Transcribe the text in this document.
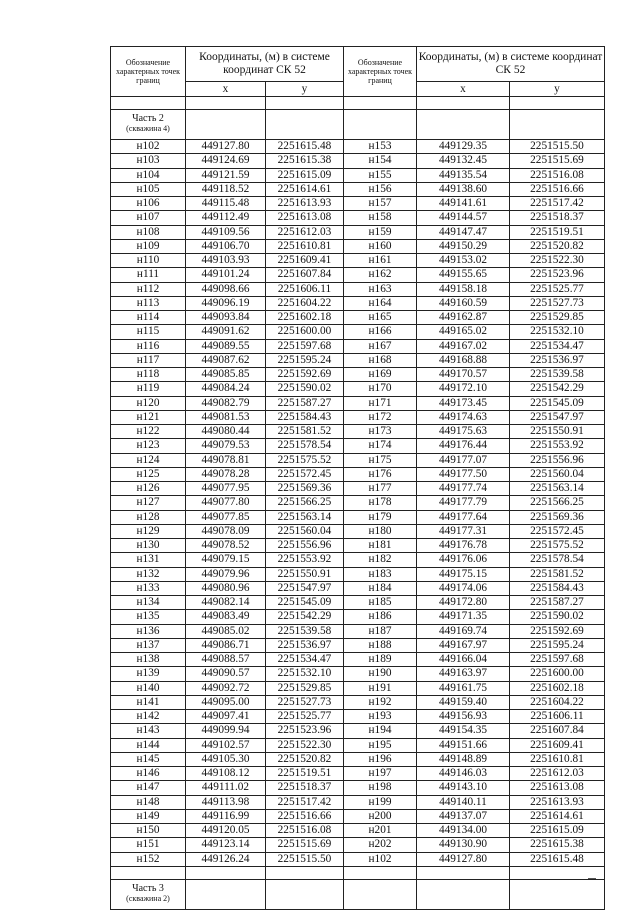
Обозначение характерных точек границ	Координаты, (м) в системе координат СК 52		Обозначение характерных точек границ	Координаты, (м) в системе координат СК 52	
	х	у		х	у

Часть 2
(скважина 4)					

н102	449127.80	2251615.48	н153	449129.35	2251515.50
н103	449124.69	2251615.38	н154	449132.45	2251515.69
н104	449121.59	2251615.09	н155	449135.54	2251516.08
н105	449118.52	2251614.61	н156	449138.60	2251516.66
н106	449115.48	2251613.93	н157	449141.61	2251517.42
н107	449112.49	2251613.08	н158	449144.57	2251518.37
н108	449109.56	2251612.03	н159	449147.47	2251519.51
н109	449106.70	2251610.81	н160	449150.29	2251520.82
н110	449103.93	2251609.41	н161	449153.02	2251522.30
н111	449101.24	2251607.84	н162	449155.65	2251523.96
н112	449098.66	2251606.11	н163	449158.18	2251525.77
н113	449096.19	2251604.22	н164	449160.59	2251527.73
н114	449093.84	2251602.18	н165	449162.87	2251529.85
н115	449091.62	2251600.00	н166	449165.02	2251532.10
н116	449089.55	2251597.68	н167	449167.02	2251534.47
н117	449087.62	2251595.24	н168	449168.88	2251536.97
н118	449085.85	2251592.69	н169	449170.57	2251539.58
н119	449084.24	2251590.02	н170	449172.10	2251542.29
н120	449082.79	2251587.27	н171	449173.45	2251545.09
н121	449081.53	2251584.43	н172	449174.63	2251547.97
н122	449080.44	2251581.52	н173	449175.63	2251550.91
н123	449079.53	2251578.54	н174	449176.44	2251553.92
н124	449078.81	2251575.52	н175	449177.07	2251556.96
н125	449078.28	2251572.45	н176	449177.50	2251560.04
н126	449077.95	2251569.36	н177	449177.74	2251563.14
н127	449077.80	2251566.25	н178	449177.79	2251566.25
н128	449077.85	2251563.14	н179	449177.64	2251569.36
н129	449078.09	2251560.04	н180	449177.31	2251572.45
н130	449078.52	2251556.96	н181	449176.78	2251575.52
н131	449079.15	2251553.92	н182	449176.06	2251578.54
н132	449079.96	2251550.91	н183	449175.15	2251581.52
н133	449080.96	2251547.97	н184	449174.06	2251584.43
н134	449082.14	2251545.09	н185	449172.80	2251587.27
н135	449083.49	2251542.29	н186	449171.35	2251590.02
н136	449085.02	2251539.58	н187	449169.74	2251592.69
н137	449086.71	2251536.97	н188	449167.97	2251595.24
н138	449088.57	2251534.47	н189	449166.04	2251597.68
н139	449090.57	2251532.10	н190	449163.97	2251600.00
н140	449092.72	2251529.85	н191	449161.75	2251602.18
н141	449095.00	2251527.73	н192	449159.40	2251604.22
н142	449097.41	2251525.77	н193	449156.93	2251606.11
н143	449099.94	2251523.96	н194	449154.35	2251607.84
н144	449102.57	2251522.30	н195	449151.66	2251609.41
н145	449105.30	2251520.82	н196	449148.89	2251610.81
н146	449108.12	2251519.51	н197	449146.03	2251612.03
н147	449111.02	2251518.37	н198	449143.10	2251613.08
н148	449113.98	2251517.42	н199	449140.11	2251613.93
н149	449116.99	2251516.66	н200	449137.07	2251614.61
н150	449120.05	2251516.08	н201	449134.00	2251615.09
н151	449123.14	2251515.69	н202	449130.90	2251615.38
н152	449126.24	2251515.50	н102	449127.80	2251615.48

Часть 3
(скважина 2)					
